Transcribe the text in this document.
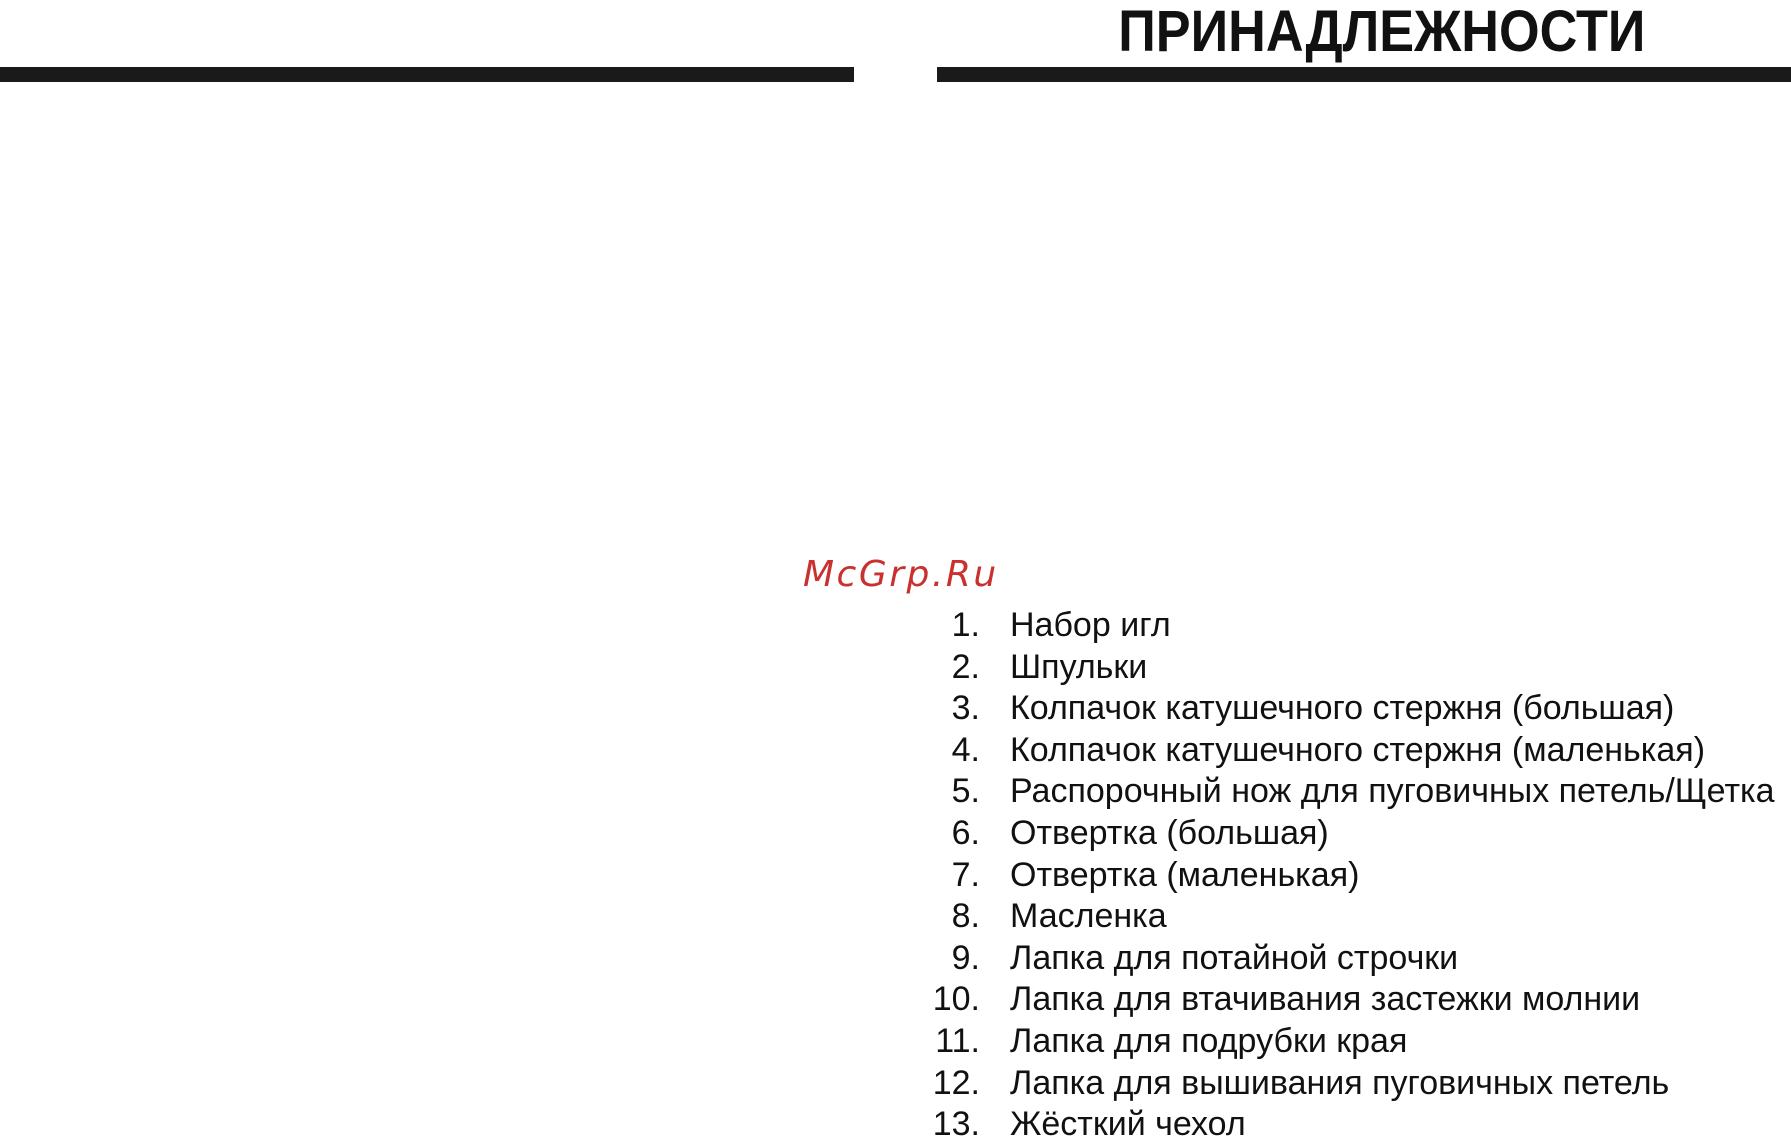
ПРИНАДЛЕЖНОСТИ
McGrp.Ru
1. Набор игл
2. Шпульки
3. Колпачок катушечного стержня (большая)
4. Колпачок катушечного стержня (маленькая)
5. Распорочный нож для пуговичных петель/Щетка
6. Отвертка (большая)
7. Отвертка (маленькая)
8. Масленка
9. Лапка для потайной строчки
10. Лапка для втачивания застежки молнии
11. Лапка для подрубки края
12. Лапка для вышивания пуговичных петель
13. Жёсткий чехол
